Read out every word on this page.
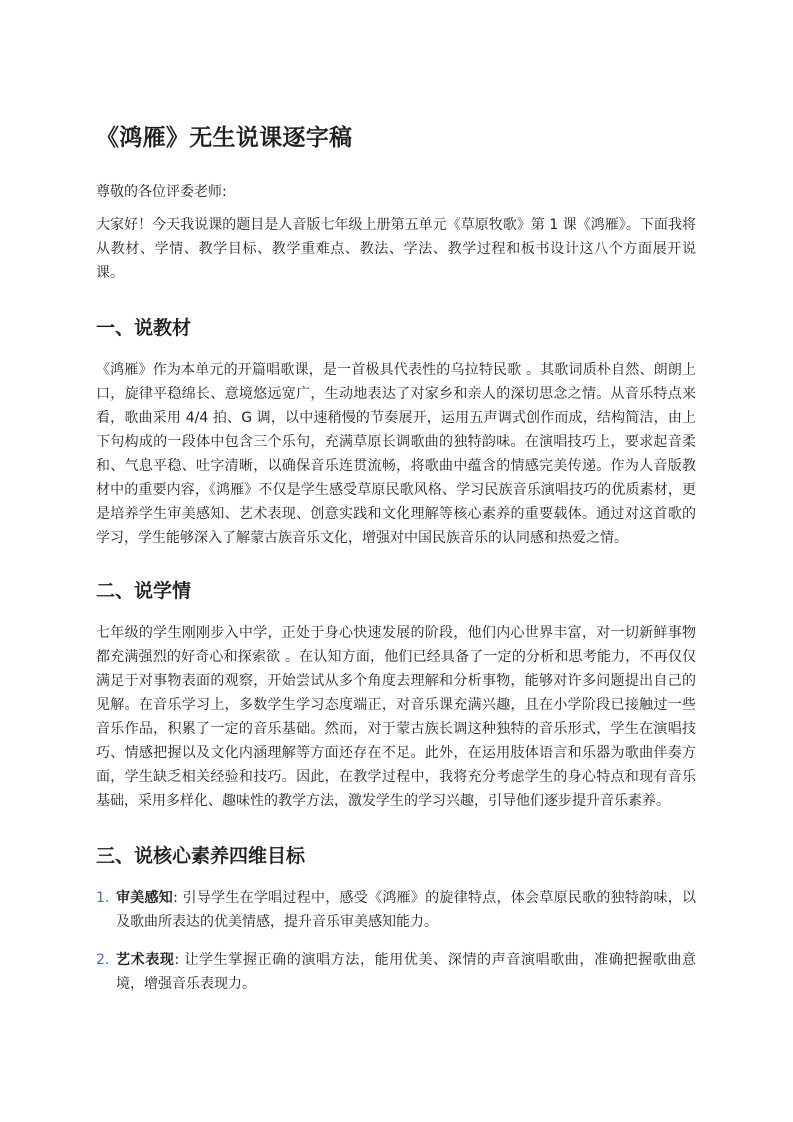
《鸿雁》无生说课逐字稿

尊敬的各位评委老师:

大家好！今天我说课的题目是人音版七年级上册第五单元《草原牧歌》第 1 课《鸿雁》。下面我将从教材、学情、教学目标、教学重难点、教法、学法、教学过程和板书设计这八个方面展开说课。

一、说教材

《鸿雁》作为本单元的开篇唱歌课，是一首极具代表性的乌拉特民歌 。其歌词质朴自然、朗朗上口，旋律平稳绵长、意境悠远宽广，生动地表达了对家乡和亲人的深切思念之情。从音乐特点来看，歌曲采用 4/4 拍、G 调，以中速稍慢的节奏展开，运用五声调式创作而成，结构简洁，由上下句构成的一段体中包含三个乐句，充满草原长调歌曲的独特韵味。在演唱技巧上，要求起音柔和、气息平稳、吐字清晰，以确保音乐连贯流畅，将歌曲中蕴含的情感完美传递。作为人音版教材中的重要内容，《鸿雁》不仅是学生感受草原民歌风格、学习民族音乐演唱技巧的优质素材，更是培养学生审美感知、艺术表现、创意实践和文化理解等核心素养的重要载体。通过对这首歌的学习，学生能够深入了解蒙古族音乐文化，增强对中国民族音乐的认同感和热爱之情。

二、说学情

七年级的学生刚刚步入中学，正处于身心快速发展的阶段，他们内心世界丰富，对一切新鲜事物都充满强烈的好奇心和探索欲 。在认知方面，他们已经具备了一定的分析和思考能力，不再仅仅满足于对事物表面的观察，开始尝试从多个角度去理解和分析事物，能够对许多问题提出自己的见解。在音乐学习上，多数学生学习态度端正，对音乐课充满兴趣，且在小学阶段已接触过一些音乐作品，积累了一定的音乐基础。然而，对于蒙古族长调这种独特的音乐形式，学生在演唱技巧、情感把握以及文化内涵理解等方面还存在不足。此外，在运用肢体语言和乐器为歌曲伴奏方面，学生缺乏相关经验和技巧。因此，在教学过程中，我将充分考虑学生的身心特点和现有音乐基础，采用多样化、趣味性的教学方法，激发学生的学习兴趣，引导他们逐步提升音乐素养。

三、说核心素养四维目标
1. 审美感知: 引导学生在学唱过程中，感受《鸿雁》的旋律特点，体会草原民歌的独特韵味，以及歌曲所表达的优美情感，提升音乐审美感知能力。
2. 艺术表现: 让学生掌握正确的演唱方法，能用优美、深情的声音演唱歌曲，准确把握歌曲意境，增强音乐表现力。
